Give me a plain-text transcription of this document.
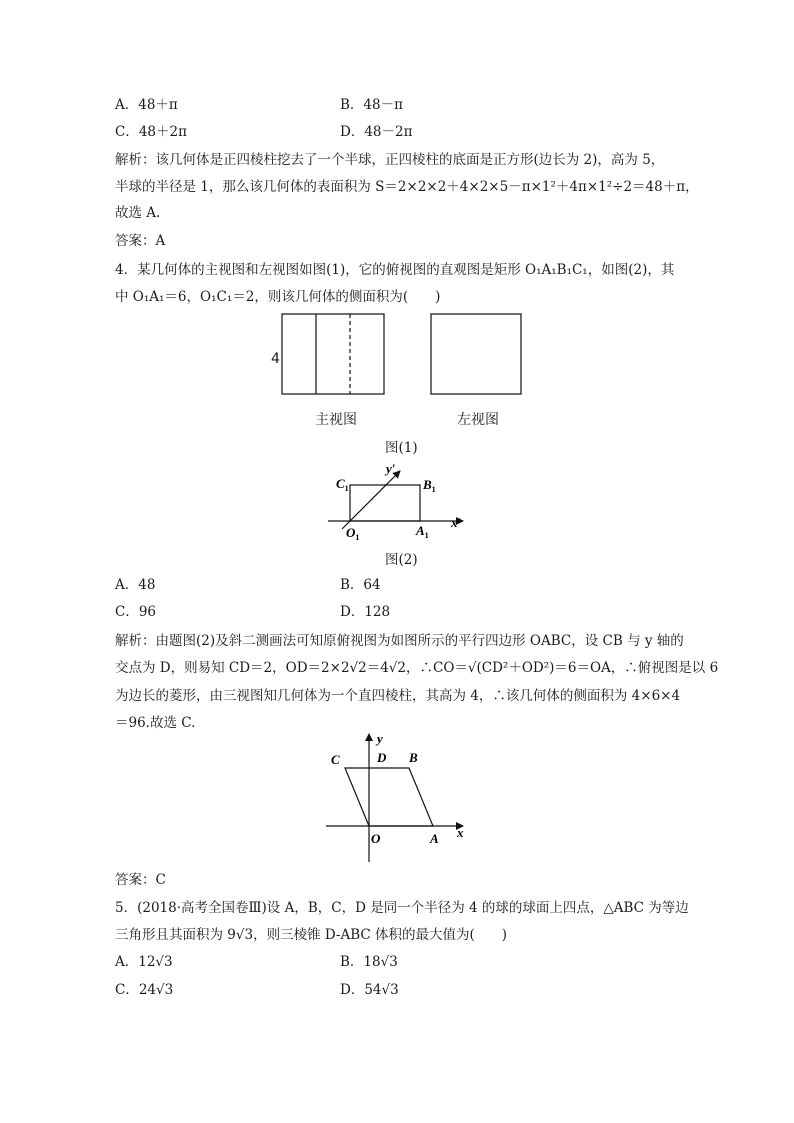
A．48＋π	B．48－π
C．48＋2π	D．48－2π
解析：该几何体是正四棱柱挖去了一个半球，正四棱柱的底面是正方形(边长为 2)，高为 5，
半球的半径是 1，那么该几何体的表面积为 S＝2×2×2＋4×2×5－π×1²＋4π×1²÷2＝48＋π，
故选 A.
答案：A
4．某几何体的主视图和左视图如图(1)，它的俯视图的直观图是矩形 O₁A₁B₁C₁，如图(2)，其
中 O₁A₁＝6，O₁C₁＝2，则该几何体的侧面积为(　　)
4
主视图	左视图
图(1)
$C_1$	$B_1$
$O_1$	$A_1$
y′
x′
图(2)
A．48	B．64
C．96	D．128
解析：由题图(2)及斜二测画法可知原俯视图为如图所示的平行四边形 OABC，设 CB 与 y 轴的
交点为 D，则易知 CD＝2，OD＝2×2√2＝4√2，∴CO＝√(CD²＋OD²)＝6＝OA，∴俯视图是以 6
为边长的菱形，由三视图知几何体为一个直四棱柱，其高为 4，∴该几何体的侧面积为 4×6×4
＝96.故选 C.
C	D B
y
O	A x
答案：C
5．(2018·高考全国卷Ⅲ)设 A，B，C，D 是同一个半径为 4 的球的球面上四点，△ABC 为等边
三角形且其面积为 9√3，则三棱锥 D-ABC 体积的最大值为(　　)
A．12√3	B．18√3
C．24√3	D．54√3
